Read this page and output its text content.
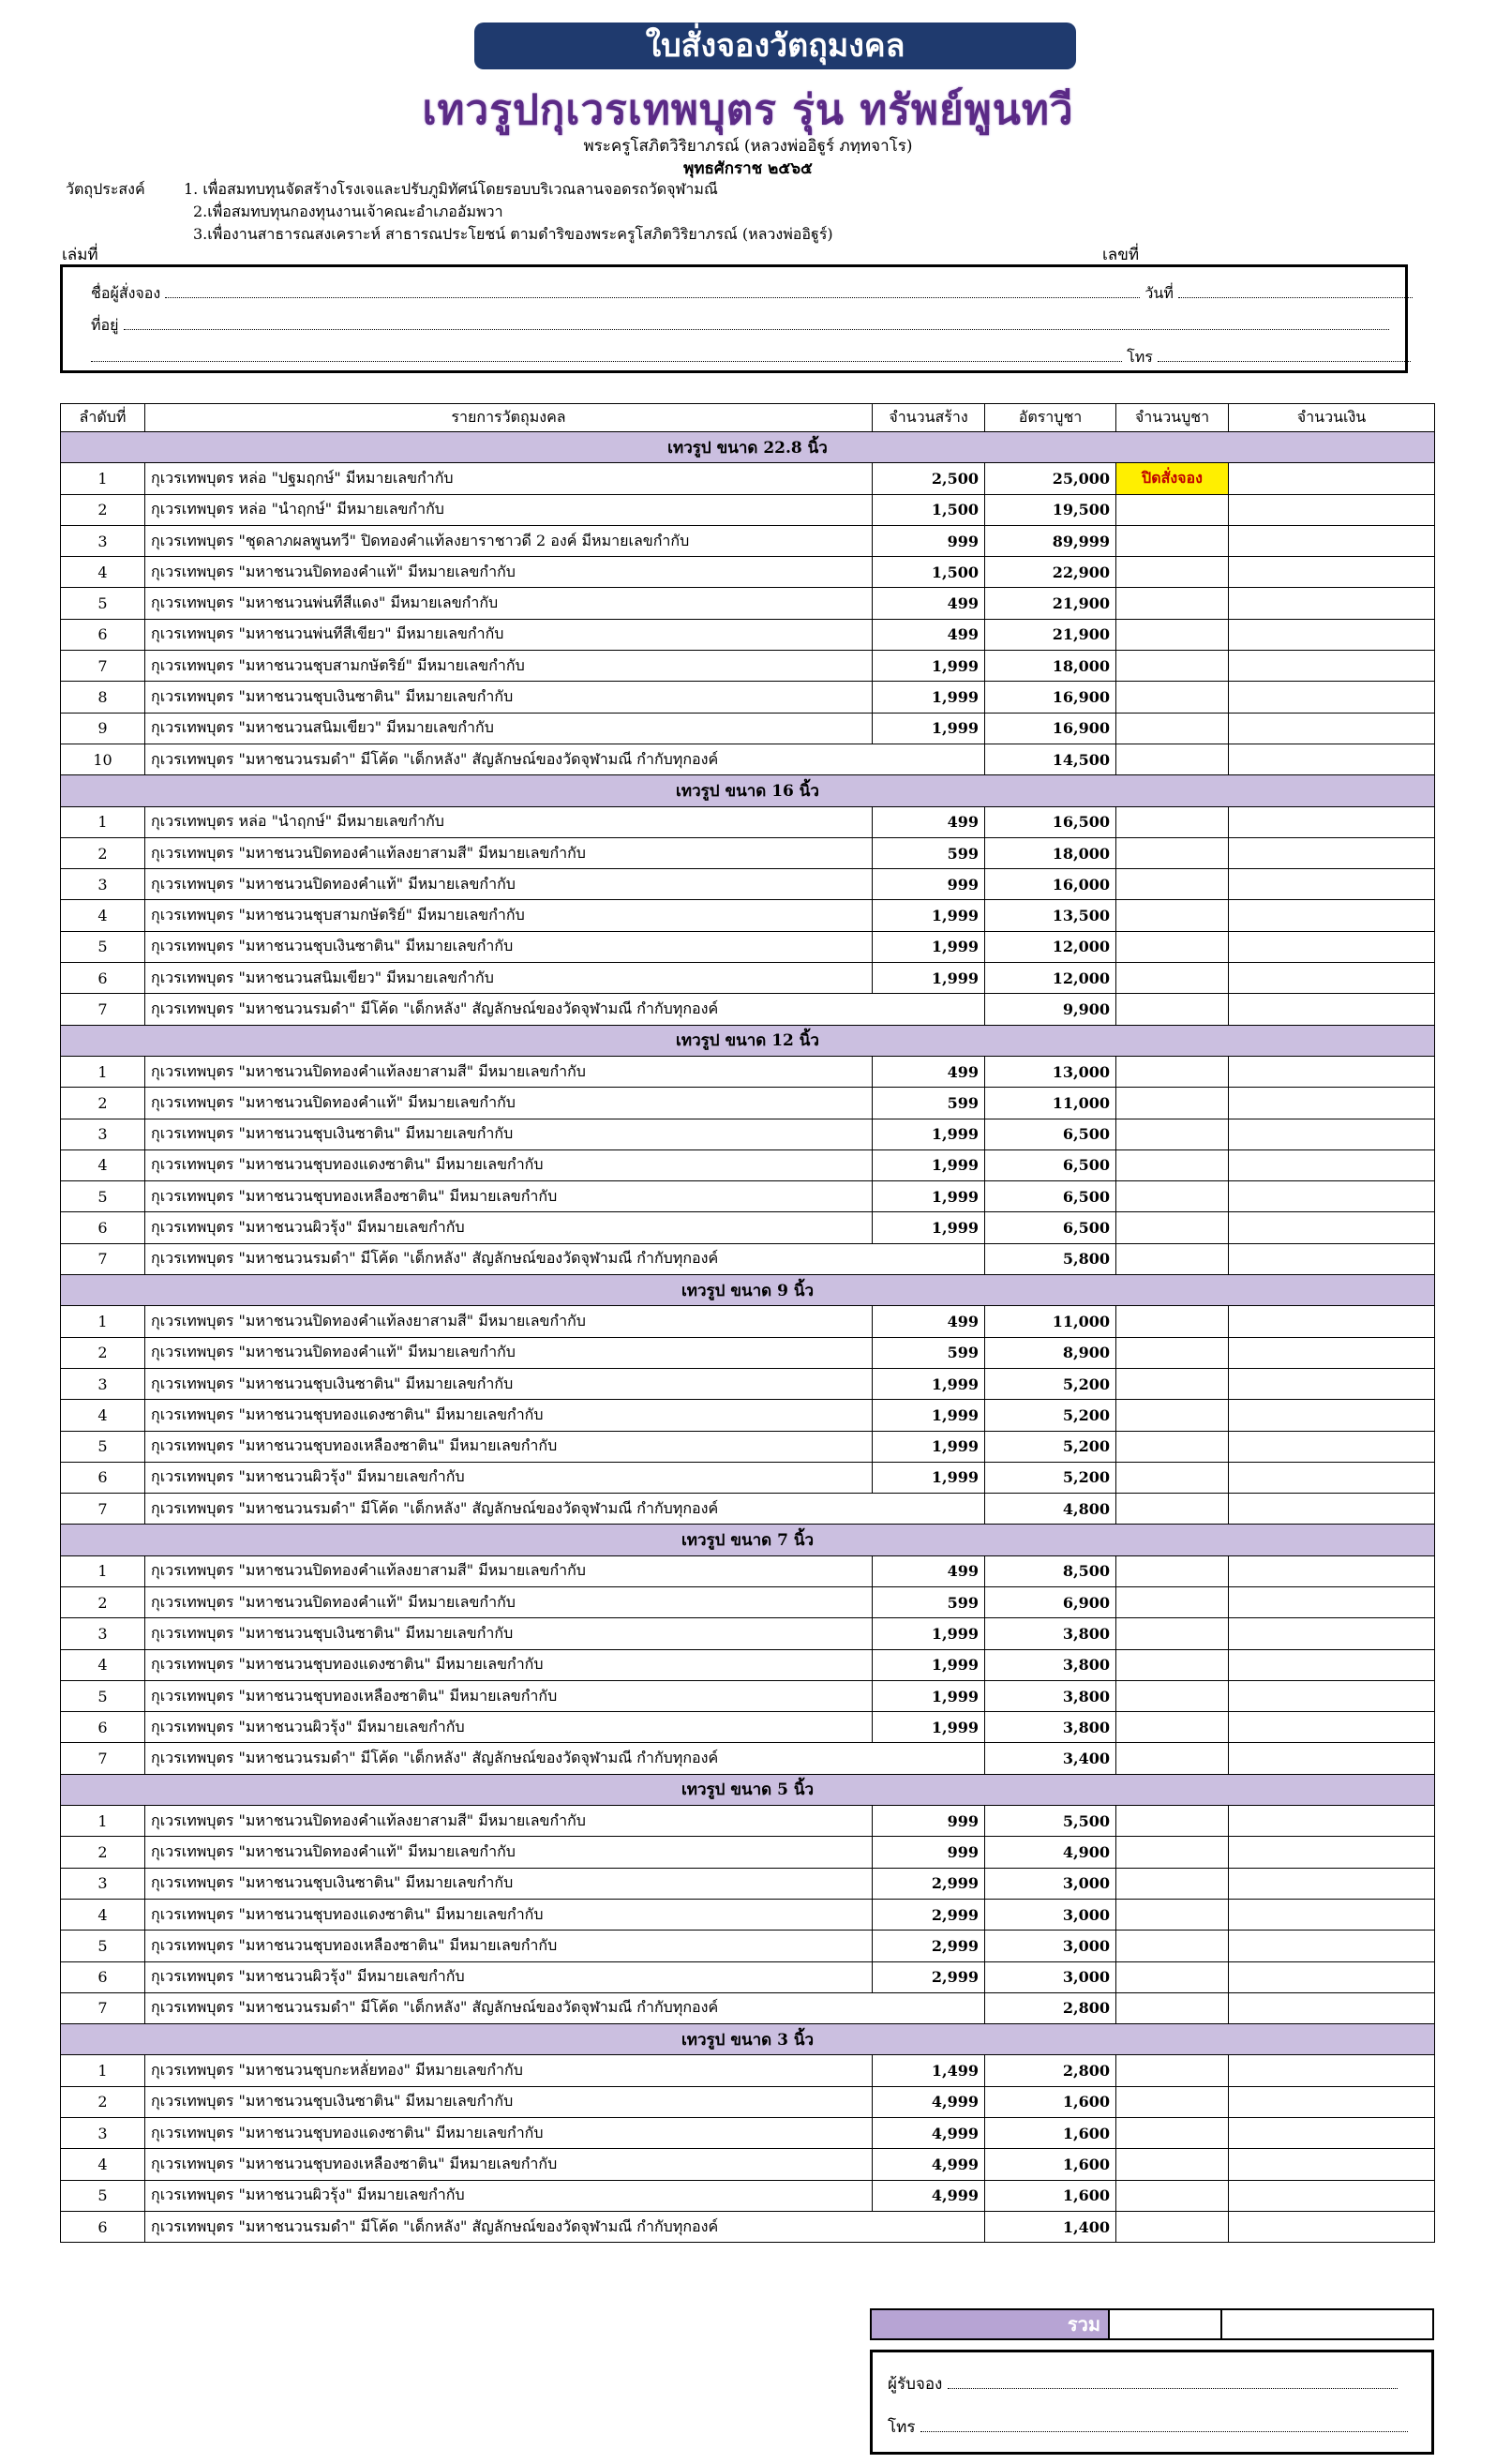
ใบสั่งจองวัตถุมงคล
เทวรูปกุเวรเทพบุตร รุ่น ทรัพย์พูนทวี
พระครูโสภิตวิริยาภรณ์ (หลวงพ่ออิฐูร์ ภทฺทจาโร)
พุทธศักราช ๒๕๖๕
วัตถุประสงค์	1. เพื่อสมทบทุนจัดสร้างโรงเจและปรับภูมิทัศน์โดยรอบบริเวณลานจอดรถวัดจุฬามณี
2.เพื่อสมทบทุนกองทุนงานเจ้าคณะอำเภออัมพวา
3.เพื่องานสาธารณสงเคราะห์ สาธารณประโยชน์ ตามดำริของพระครูโสภิตวิริยาภรณ์ (หลวงพ่ออิฐูร์)
เล่มที่	เลขที่
ชื่อผู้สั่งจอง	วันที่
ที่อยู่
โทร
ลำดับที่	รายการวัตถุมงคล	จำนวนสร้าง	อัตราบูชา	จำนวนบูชา	จำนวนเงิน
เทวรูป ขนาด 22.8 นิ้ว					
1	กุเวรเทพบุตร หล่อ "ปฐมฤกษ์" มีหมายเลขกำกับ	2,500	25,000	ปิดสั่งจอง	
2	กุเวรเทพบุตร หล่อ "นำฤกษ์" มีหมายเลขกำกับ	1,500	19,500		
3	กุเวรเทพบุตร "ชุดลาภผลพูนทวี" ปิดทองคำแท้ลงยาราชาวดี 2 องค์ มีหมายเลขกำกับ	999	89,999		
4	กุเวรเทพบุตร "มหาชนวนปิดทองคำแท้" มีหมายเลขกำกับ	1,500	22,900		
5	กุเวรเทพบุตร "มหาชนวนพ่นทีสีแดง" มีหมายเลขกำกับ	499	21,900		
6	กุเวรเทพบุตร "มหาชนวนพ่นทีสีเขียว" มีหมายเลขกำกับ	499	21,900		
7	กุเวรเทพบุตร "มหาชนวนชุบสามกษัตริย์" มีหมายเลขกำกับ	1,999	18,000		
8	กุเวรเทพบุตร "มหาชนวนชุบเงินซาติน" มีหมายเลขกำกับ	1,999	16,900		
9	กุเวรเทพบุตร "มหาชนวนสนิมเขียว" มีหมายเลขกำกับ	1,999	16,900		
10	กุเวรเทพบุตร "มหาชนวนรมดำ" มีโค้ด "เด็กหลัง" สัญลักษณ์ของวัดจุฬามณี กำกับทุกองค์		14,500		
เทวรูป ขนาด 16 นิ้ว					
1	กุเวรเทพบุตร หล่อ "นำฤกษ์" มีหมายเลขกำกับ	499	16,500		
2	กุเวรเทพบุตร "มหาชนวนปิดทองคำแท้ลงยาสามสี" มีหมายเลขกำกับ	599	18,000		
3	กุเวรเทพบุตร "มหาชนวนปิดทองคำแท้" มีหมายเลขกำกับ	999	16,000		
4	กุเวรเทพบุตร "มหาชนวนชุบสามกษัตริย์" มีหมายเลขกำกับ	1,999	13,500		
5	กุเวรเทพบุตร "มหาชนวนชุบเงินซาติน" มีหมายเลขกำกับ	1,999	12,000		
6	กุเวรเทพบุตร "มหาชนวนสนิมเขียว" มีหมายเลขกำกับ	1,999	12,000		
7	กุเวรเทพบุตร "มหาชนวนรมดำ" มีโค้ด "เด็กหลัง" สัญลักษณ์ของวัดจุฬามณี กำกับทุกองค์		9,900		
เทวรูป ขนาด 12 นิ้ว					
1	กุเวรเทพบุตร "มหาชนวนปิดทองคำแท้ลงยาสามสี" มีหมายเลขกำกับ	499	13,000		
2	กุเวรเทพบุตร "มหาชนวนปิดทองคำแท้" มีหมายเลขกำกับ	599	11,000		
3	กุเวรเทพบุตร "มหาชนวนชุบเงินซาติน" มีหมายเลขกำกับ	1,999	6,500		
4	กุเวรเทพบุตร "มหาชนวนชุบทองแดงซาติน" มีหมายเลขกำกับ	1,999	6,500		
5	กุเวรเทพบุตร "มหาชนวนชุบทองเหลืองซาติน" มีหมายเลขกำกับ	1,999	6,500		
6	กุเวรเทพบุตร "มหาชนวนผิวรุ้ง" มีหมายเลขกำกับ	1,999	6,500		
7	กุเวรเทพบุตร "มหาชนวนรมดำ" มีโค้ด "เด็กหลัง" สัญลักษณ์ของวัดจุฬามณี กำกับทุกองค์		5,800		
เทวรูป ขนาด 9 นิ้ว					
1	กุเวรเทพบุตร "มหาชนวนปิดทองคำแท้ลงยาสามสี" มีหมายเลขกำกับ	499	11,000		
2	กุเวรเทพบุตร "มหาชนวนปิดทองคำแท้" มีหมายเลขกำกับ	599	8,900		
3	กุเวรเทพบุตร "มหาชนวนชุบเงินซาติน" มีหมายเลขกำกับ	1,999	5,200		
4	กุเวรเทพบุตร "มหาชนวนชุบทองแดงซาติน" มีหมายเลขกำกับ	1,999	5,200		
5	กุเวรเทพบุตร "มหาชนวนชุบทองเหลืองซาติน" มีหมายเลขกำกับ	1,999	5,200		
6	กุเวรเทพบุตร "มหาชนวนผิวรุ้ง" มีหมายเลขกำกับ	1,999	5,200		
7	กุเวรเทพบุตร "มหาชนวนรมดำ" มีโค้ด "เด็กหลัง" สัญลักษณ์ของวัดจุฬามณี กำกับทุกองค์		4,800		
เทวรูป ขนาด 7 นิ้ว					
1	กุเวรเทพบุตร "มหาชนวนปิดทองคำแท้ลงยาสามสี" มีหมายเลขกำกับ	499	8,500		
2	กุเวรเทพบุตร "มหาชนวนปิดทองคำแท้" มีหมายเลขกำกับ	599	6,900		
3	กุเวรเทพบุตร "มหาชนวนชุบเงินซาติน" มีหมายเลขกำกับ	1,999	3,800		
4	กุเวรเทพบุตร "มหาชนวนชุบทองแดงซาติน" มีหมายเลขกำกับ	1,999	3,800		
5	กุเวรเทพบุตร "มหาชนวนชุบทองเหลืองซาติน" มีหมายเลขกำกับ	1,999	3,800		
6	กุเวรเทพบุตร "มหาชนวนผิวรุ้ง" มีหมายเลขกำกับ	1,999	3,800		
7	กุเวรเทพบุตร "มหาชนวนรมดำ" มีโค้ด "เด็กหลัง" สัญลักษณ์ของวัดจุฬามณี กำกับทุกองค์		3,400		
เทวรูป ขนาด 5 นิ้ว					
1	กุเวรเทพบุตร "มหาชนวนปิดทองคำแท้ลงยาสามสี" มีหมายเลขกำกับ	999	5,500		
2	กุเวรเทพบุตร "มหาชนวนปิดทองคำแท้" มีหมายเลขกำกับ	999	4,900		
3	กุเวรเทพบุตร "มหาชนวนชุบเงินซาติน" มีหมายเลขกำกับ	2,999	3,000		
4	กุเวรเทพบุตร "มหาชนวนชุบทองแดงซาติน" มีหมายเลขกำกับ	2,999	3,000		
5	กุเวรเทพบุตร "มหาชนวนชุบทองเหลืองซาติน" มีหมายเลขกำกับ	2,999	3,000		
6	กุเวรเทพบุตร "มหาชนวนผิวรุ้ง" มีหมายเลขกำกับ	2,999	3,000		
7	กุเวรเทพบุตร "มหาชนวนรมดำ" มีโค้ด "เด็กหลัง" สัญลักษณ์ของวัดจุฬามณี กำกับทุกองค์		2,800		
เทวรูป ขนาด 3 นิ้ว					
1	กุเวรเทพบุตร "มหาชนวนชุบกะหลั่ยทอง" มีหมายเลขกำกับ	1,499	2,800		
2	กุเวรเทพบุตร "มหาชนวนชุบเงินซาติน" มีหมายเลขกำกับ	4,999	1,600		
3	กุเวรเทพบุตร "มหาชนวนชุบทองแดงซาติน" มีหมายเลขกำกับ	4,999	1,600		
4	กุเวรเทพบุตร "มหาชนวนชุบทองเหลืองซาติน" มีหมายเลขกำกับ	4,999	1,600		
5	กุเวรเทพบุตร "มหาชนวนผิวรุ้ง" มีหมายเลขกำกับ	4,999	1,600		
6	กุเวรเทพบุตร "มหาชนวนรมดำ" มีโค้ด "เด็กหลัง" สัญลักษณ์ของวัดจุฬามณี กำกับทุกองค์		1,400		
รวม
ผู้รับจอง
โทร
